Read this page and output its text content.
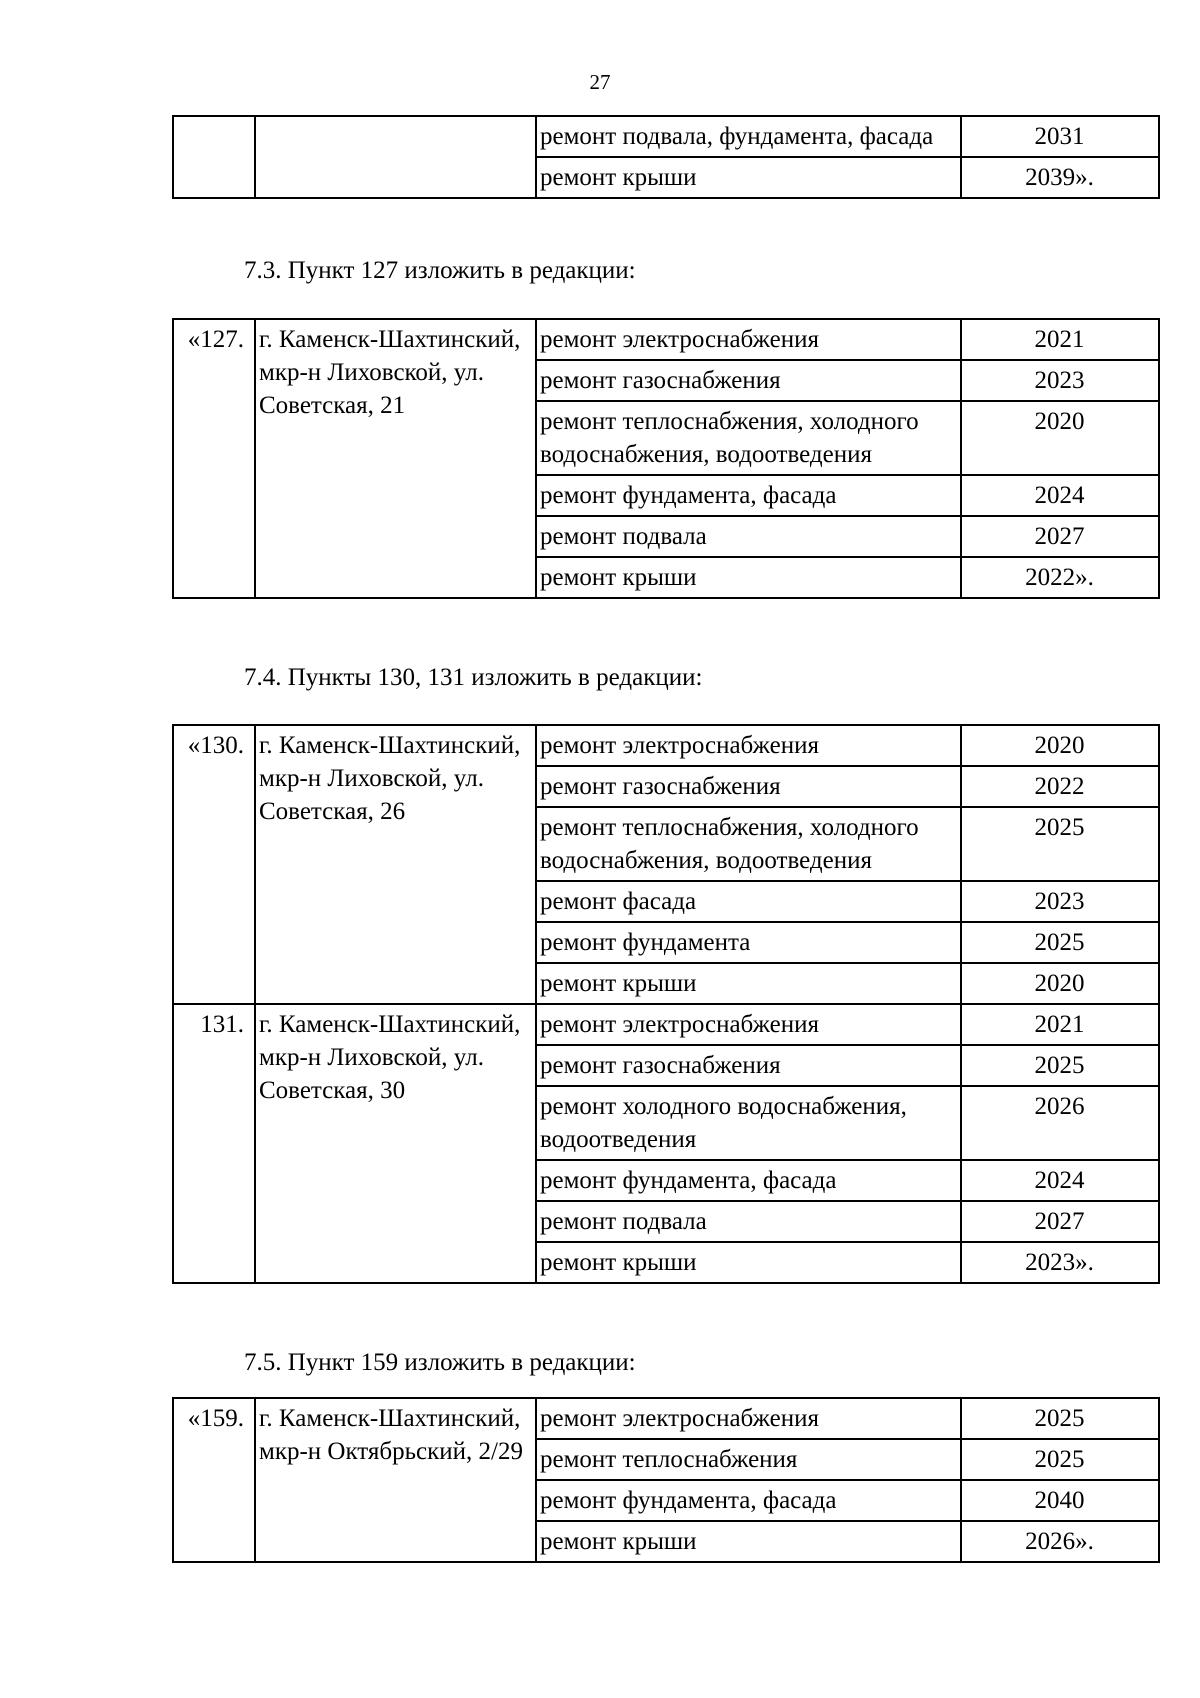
27
		ремонт подвала, фундамента, фасада	2031
		ремонт крыши	2039».
7.3. Пункт 127 изложить в редакции:
«127.	г. Каменск-Шахтинский, мкр-н Лиховской, ул. Советская, 21	ремонт электроснабжения	2021
		ремонт газоснабжения	2023
		ремонт теплоснабжения, холодного водоснабжения, водоотведения	2020
		ремонт фундамента, фасада	2024
		ремонт подвала	2027
		ремонт крыши	2022».
7.4. Пункты 130, 131 изложить в редакции:
«130.	г. Каменск-Шахтинский, мкр-н Лиховской, ул. Советская, 26	ремонт электроснабжения	2020
		ремонт газоснабжения	2022
		ремонт теплоснабжения, холодного водоснабжения, водоотведения	2025
		ремонт фасада	2023
		ремонт фундамента	2025
		ремонт крыши	2020
131.	г. Каменск-Шахтинский, мкр-н Лиховской, ул. Советская, 30	ремонт электроснабжения	2021
		ремонт газоснабжения	2025
		ремонт холодного водоснабжения, водоотведения	2026
		ремонт фундамента, фасада	2024
		ремонт подвала	2027
		ремонт крыши	2023».
7.5. Пункт 159 изложить в редакции:
«159.	г. Каменск-Шахтинский, мкр-н Октябрьский, 2/29	ремонт электроснабжения	2025
		ремонт теплоснабжения	2025
		ремонт фундамента, фасада	2040
		ремонт крыши	2026».
